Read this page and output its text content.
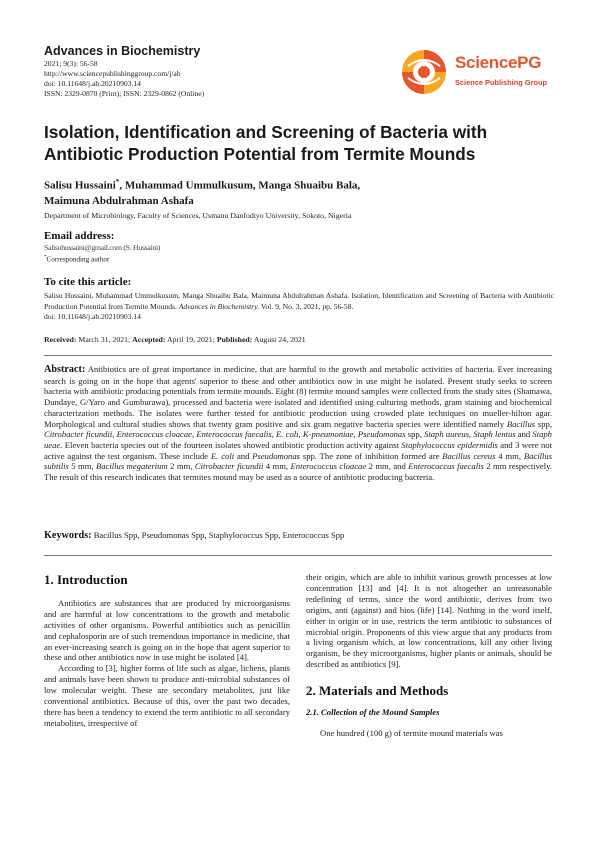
Advances in Biochemistry
2021; 9(3): 56-58
http://www.sciencepublishinggroup.com/j/ab
doi: 10.11648/j.ab.20210903.14
ISSN: 2329-0870 (Print); ISSN: 2329-0862 (Online)
SciencePG
Science Publishing Group
Isolation, Identification and Screening of Bacteria with Antibiotic Production Potential from Termite Mounds
Salisu Hussaini*, Muhammad Ummulkusum, Manga Shuaibu Bala,
Maimuna Abdulrahman Ashafa
Department of Microbiology, Faculty of Sciences, Usmanu Danfodiyo University, Sokoto, Nigeria
Email address:
Salisuhussaini@gmail.com (S. Hussaini)
*Corresponding author
To cite this article:
Salisu Hussaini, Muhammad Ummulkusum, Manga Shuaibu Bala, Maimuna Abdulrahman Ashafa. Isolation, Identification and Screening of Bacteria with Antibiotic Production Potential from Termite Mounds. Advances in Biochemistry. Vol. 9, No. 3, 2021, pp. 56-58.
doi: 10.11648/j.ab.20210903.14
Received: March 31, 2021; Accepted: April 19, 2021; Published: August 24, 2021
Abstract: Antibiotics are of great importance in medicine, that are harmful to the growth and metabolic activities of bacteria. Ever increasing search is going on in the hope that agents' superior to these and other antibiotics now in use might be isolated. Present study seeks to screen bacteria with antibiotic producing potentials from termite mounds. Eight (8) termite mound samples were collected from the study sites (Shamawa, Dundaye, G/Yaro and Gumburawa), processed and bacteria were isolated and identified using culturing methods, gram staining and biochemical characterization methods. The isolates were further tested for antibiotic production using crowded plate techniques on mueller-hilton agar. Morphological and cultural studies shows that twenty gram positive and six gram negative bacteria species were identified namely Bacillus spp, Citrobacter ficundii, Enterococcus cloacae, Enterococcus faecalis, E. coli, K-pneumoniae, Pseudomonas spp, Staph aureus, Staph lentus and Staph ueae. Eleven bacteria species out of the fourteen isolates showed antibiotic production activity against Staphylococcus epidermidis and 3 were not active against the test organism. These include E. coli and Pseudomonas spp. The zone of inhibition formed are Bacillus cereus 4 mm, Bacillus subtilis 5 mm, Bacillus megaterium 2 mm, Citrobacter ficundii 4 mm, Enterococcus cloacae 2 mm, and Enterococcus faecalis 2 mm respectively. The result of this research indicates that termites mound may be used as a source of antibiotic producing bacteria.
Keywords: Bacillus Spp, Pseudomonas Spp, Staphylococcus Spp, Enterococcus Spp
1. Introduction

Antibiotics are substances that are produced by microorganisms and are harmful at low concentrations to the growth and metabolic activities of other organisms. Powerful antibiotics such as penicillin and cephalosporin are of such tremendous importance in medicine, that an ever-increasing search is going on in the hope that agent superior to these and other antibiotics now in use might be isolated [4].

According to [3], higher forms of life such as algae, lichens, plants and animals have been shown to produce anti-microbial substances of low molecular weight. These are secondary metabolites, just like conventional antibiotics. Because of this, over the past two decades, there has been a tendency to extend the term antibiotic to all secondary metabolites, irrespective of

their origin, which are able to inhibit various growth processes at low concentration [13] and [4]. It is not altogether an unreasonable redefining of terms, since the word antibiotic, derives from two origins, anti (against) and bios (life) [14]. Nothing in the word itself, either in origin or in use, restricts the term antibiotic to substances of microbial origin. Proponents of this view argue that any products from a living organism which, at low concentrations, kill any other living organism, be they microorganisms, higher plants or animals, should be described as antibiotics [9].

2. Materials and Methods
2.1. Collection of the Mound Samples

One hundred (100 g) of termite mound materials was
